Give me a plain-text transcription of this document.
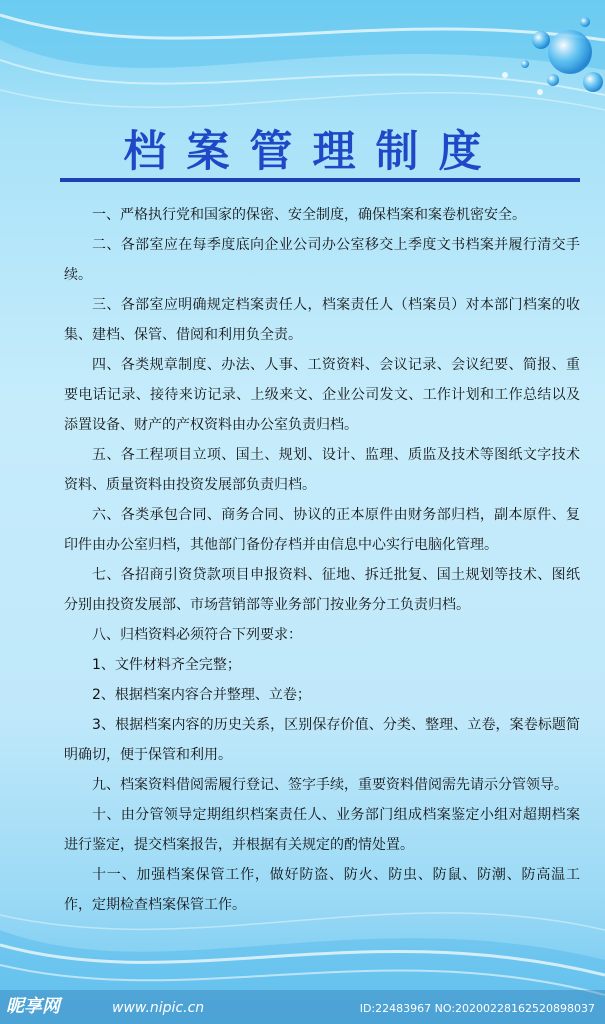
档案管理制度

一、严格执行党和国家的保密、安全制度，确保档案和案卷机密安全。

二、各部室应在每季度底向企业公司办公室移交上季度文书档案并履行清交手续。

三、各部室应明确规定档案责任人，档案责任人（档案员）对本部门档案的收集、建档、保管、借阅和利用负全责。

四、各类规章制度、办法、人事、工资资料、会议记录、会议纪要、简报、重要电话记录、接待来访记录、上级来文、企业公司发文、工作计划和工作总结以及添置设备、财产的产权资料由办公室负责归档。

五、各工程项目立项、国土、规划、设计、监理、质监及技术等图纸文字技术资料、质量资料由投资发展部负责归档。

六、各类承包合同、商务合同、协议的正本原件由财务部归档，副本原件、复印件由办公室归档，其他部门备份存档并由信息中心实行电脑化管理。

七、各招商引资贷款项目申报资料、征地、拆迁批复、国土规划等技术、图纸分别由投资发展部、市场营销部等业务部门按业务分工负责归档。

八、归档资料必须符合下列要求：

1、文件材料齐全完整；

2、根据档案内容合并整理、立卷；

3、根据档案内容的历史关系，区别保存价值、分类、整理、立卷，案卷标题简明确切，便于保管和利用。

九、档案资料借阅需履行登记、签字手续，重要资料借阅需先请示分管领导。

十、由分管领导定期组织档案责任人、业务部门组成档案鉴定小组对超期档案进行鉴定，提交档案报告，并根据有关规定的酌情处置。

十一、加强档案保管工作，做好防盗、防火、防虫、防鼠、防潮、防高温工作，定期检查档案保管工作。

昵享网	www.nipic.cn	ID:22483967 NO:20200228162520898037
